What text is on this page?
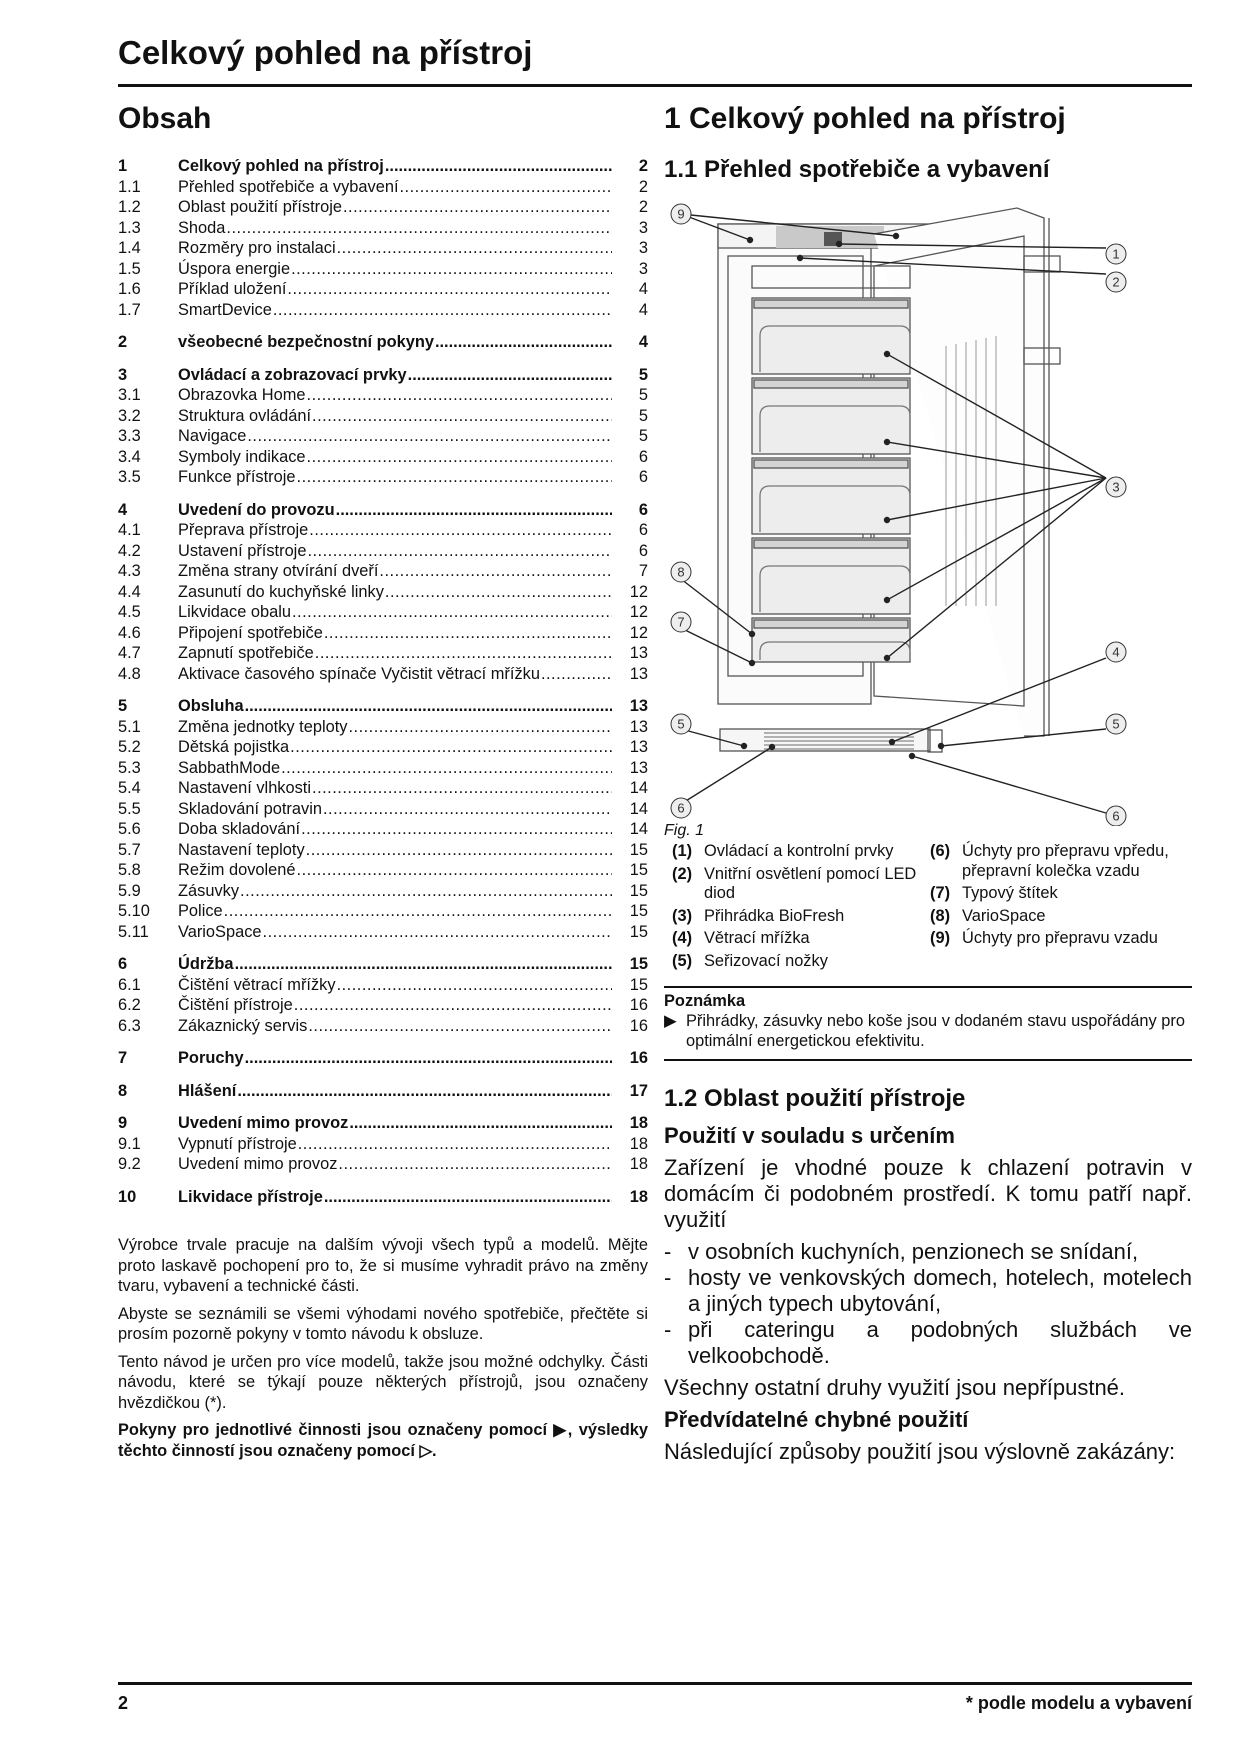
Celkový pohled na přístroj
Obsah
1	Celkový pohled na přístroj .....	2
1.1	Přehled spotřebiče a vybavení .....	2
1.2	Oblast použití přístroje .....	2
1.3	Shoda .....	3
1.4	Rozměry pro instalaci .....	3
1.5	Úspora energie .....	3
1.6	Příklad uložení .....	4
1.7	SmartDevice .....	4
2	všeobecné bezpečnostní pokyny .....	4
3	Ovládací a zobrazovací prvky .....	5
3.1	Obrazovka Home .....	5
3.2	Struktura ovládání .....	5
3.3	Navigace .....	5
3.4	Symboly indikace .....	6
3.5	Funkce přístroje .....	6
4	Uvedení do provozu .....	6
4.1	Přeprava přístroje .....	6
4.2	Ustavení přístroje .....	6
4.3	Změna strany otvírání dveří .....	7
4.4	Zasunutí do kuchyňské linky .....	12
4.5	Likvidace obalu .....	12
4.6	Připojení spotřebiče .....	12
4.7	Zapnutí spotřebiče .....	13
4.8	Aktivace časového spínače Vyčistit větrací mřížku .....	13
5	Obsluha .....	13
5.1	Změna jednotky teploty .....	13
5.2	Dětská pojistka .....	13
5.3	SabbathMode .....	13
5.4	Nastavení vlhkosti .....	14
5.5	Skladování potravin .....	14
5.6	Doba skladování .....	14
5.7	Nastavení teploty .....	15
5.8	Režim dovolené .....	15
5.9	Zásuvky .....	15
5.10	Police .....	15
5.11	VarioSpace .....	15
6	Údržba .....	15
6.1	Čištění větrací mřížky .....	15
6.2	Čištění přístroje .....	16
6.3	Zákaznický servis .....	16
7	Poruchy .....	16
8	Hlášení .....	17
9	Uvedení mimo provoz .....	18
9.1	Vypnutí přístroje .....	18
9.2	Uvedení mimo provoz .....	18
10	Likvidace přístroje .....	18

Výrobce trvale pracuje na dalším vývoji všech typů a modelů. Mějte proto laskavě pochopení pro to, že si musíme vyhradit právo na změny tvaru, vybavení a technické části.

Abyste se seznámili se všemi výhodami nového spotřebiče, přečtěte si prosím pozorně pokyny v tomto návodu k obsluze.

Tento návod je určen pro více modelů, takže jsou možné odchylky. Části návodu, které se týkají pouze některých přístrojů, jsou označeny hvězdičkou (*).

Pokyny pro jednotlivé činnosti jsou označeny pomocí ▶, výsledky těchto činností jsou označeny pomocí ▷.

1 Celkový pohled na přístroj
1.1 Přehled spotřebiče a vybavení
9
1
2
3
8
7
4
5	5
6
6
Fig. 1
(1) Ovládací a kontrolní prvky
(2) Vnitřní osvětlení pomocí LED diod
(3) Přihrádka BioFresh
(4) Větrací mřížka
(5) Seřizovací nožky
(6) Úchyty pro přepravu vpředu, přepravní kolečka vzadu
(7) Typový štítek
(8) VarioSpace
(9) Úchyty pro přepravu vzadu
Poznámka
▶ Přihrádky, zásuvky nebo koše jsou v dodaném stavu uspořádány pro optimální energetickou efektivitu.
1.2 Oblast použití přístroje
Použití v souladu s určením

Zařízení je vhodné pouze k chlazení potravin v domácím či podobném prostředí. K tomu patří např. využití

- v osobních kuchyních, penzionech se snídaní,
- hosty ve venkovských domech, hotelech, motelech a jiných typech ubytování,
- při cateringu a podobných službách ve velkoobchodě.

Všechny ostatní druhy využití jsou nepřípustné.

Předvídatelné chybné použití

Následující způsoby použití jsou výslovně zakázány:

2	* podle modelu a vybavení
